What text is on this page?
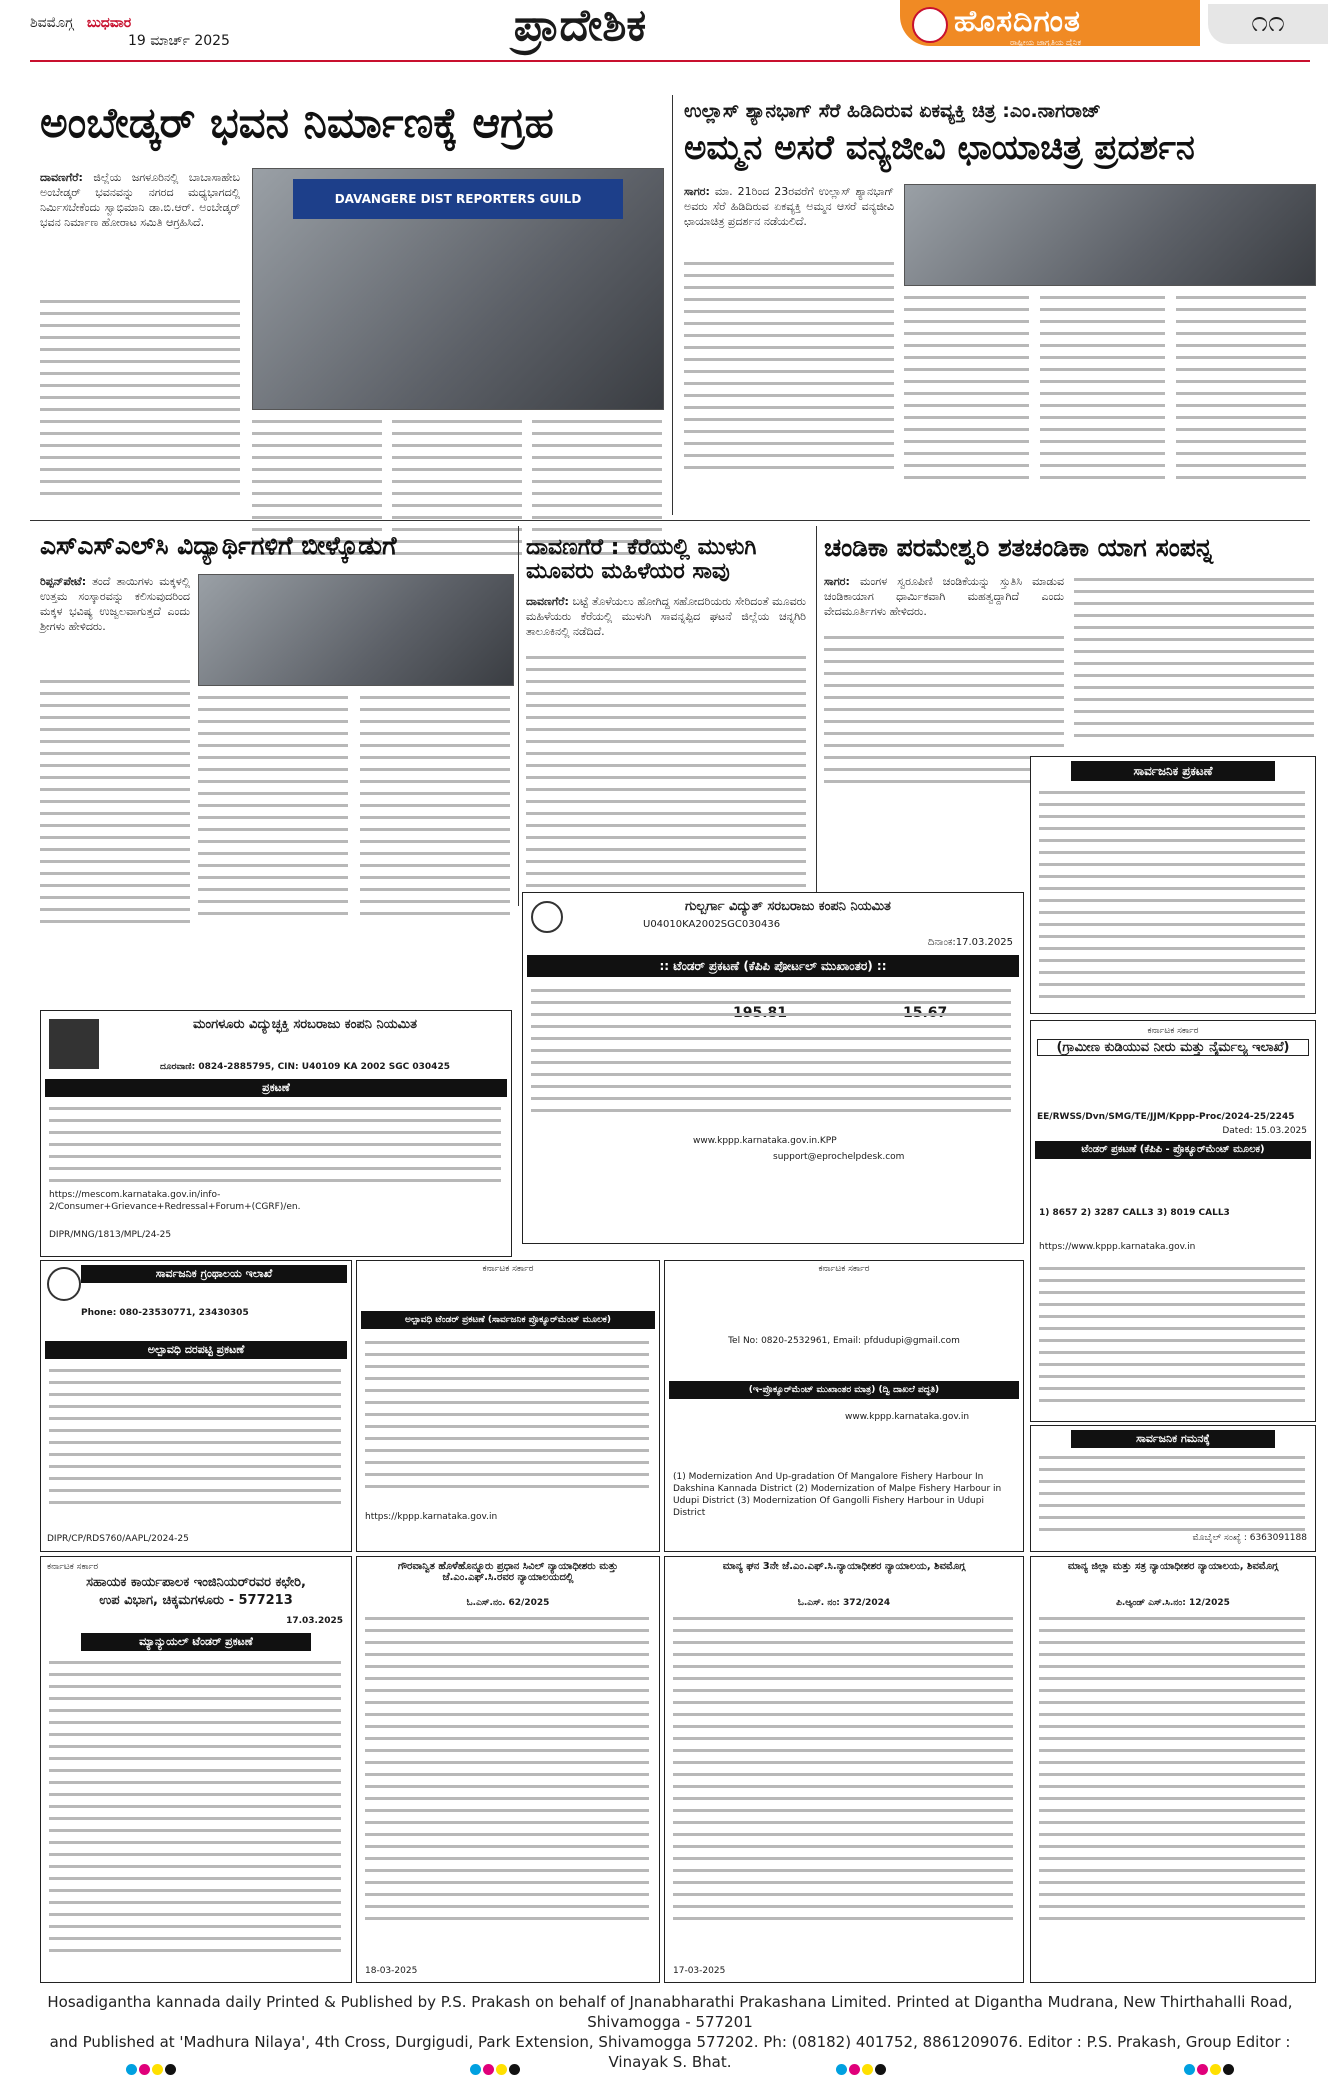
ಶಿವಮೊಗ್ಗ ಬುಧವಾರ
19 ಮಾರ್ಚ್ 2025	ಪ್ರಾದೇಶಿಕ	ಹೊಸದಿಗಂತ
ರಾಷ್ಟ್ರೀಯ ಜಾಗೃತಿಯ ದೈನಿಕ
೧೧
ಅಂಬೇಡ್ಕರ್ ಭವನ ನಿರ್ಮಾಣಕ್ಕೆ ಆಗ್ರಹ
ದಾವಣಗೆರೆ: ಜಿಲ್ಲೆಯ ಜಗಳೂರಿನಲ್ಲಿ ಬಾಬಾಸಾಹೇಬ ಅಂಬೇಡ್ಕರ್ ಭವನವನ್ನು ನಗರದ ಮಧ್ಯಭಾಗದಲ್ಲಿ ನಿರ್ಮಿಸಬೇಕೆಂದು ಸ್ವಾಭಿಮಾನಿ ಡಾ.ಬಿ.ಆರ್. ಅಂಬೇಡ್ಕರ್ ಭವನ ನಿರ್ಮಾಣ ಹೋರಾಟ ಸಮಿತಿ ಆಗ್ರಹಿಸಿದೆ.
DAVANGERE DIST REPORTERS GUILD
ಉಲ್ಲಾಸ್ ಶ್ಯಾನಭಾಗ್ ಸೆರೆ ಹಿಡಿದಿರುವ ಏಕವ್ಯಕ್ತಿ ಚಿತ್ರ :ಎಂ.ನಾಗರಾಜ್
ಅಮ್ಮನ ಅಸರೆ ವನ್ಯಜೀವಿ ಛಾಯಾಚಿತ್ರ ಪ್ರದರ್ಶನ
ಸಾಗರ: ಮಾ. 21ರಿಂದ 23ರವರೆಗೆ ಉಲ್ಲಾಸ್ ಶ್ಯಾನಭಾಗ್ ಅವರು ಸೆರೆ ಹಿಡಿದಿರುವ ಏಕವ್ಯಕ್ತಿ ಅಮ್ಮನ ಆಸರೆ ವನ್ಯಜೀವಿ ಛಾಯಾಚಿತ್ರ ಪ್ರದರ್ಶನ ನಡೆಯಲಿದೆ.
ಎಸ್‌ಎಸ್‌ಎಲ್‌ಸಿ ವಿದ್ಯಾರ್ಥಿಗಳಿಗೆ ಬೀಳ್ಕೊಡುಗೆ
ರಿಪ್ಪನ್‌ಪೇಟೆ: ತಂದೆ ತಾಯಿಗಳು ಮಕ್ಕಳಲ್ಲಿ ಉತ್ತಮ ಸಂಸ್ಕಾರವನ್ನು ಕಲಿಸುವುದರಿಂದ ಮಕ್ಕಳ ಭವಿಷ್ಯ ಉಜ್ವಲವಾಗುತ್ತದೆ ಎಂದು ಶ್ರೀಗಳು ಹೇಳಿದರು.
ದಾವಣಗೆರೆ : ಕೆರೆಯಲ್ಲಿ ಮುಳುಗಿ ಮೂವರು ಮಹಿಳೆಯರ ಸಾವು
ದಾವಣಗೆರೆ: ಬಟ್ಟೆ ತೊಳೆಯಲು ಹೋಗಿದ್ದ ಸಹೋದರಿಯರು ಸೇರಿದಂತೆ ಮೂವರು ಮಹಿಳೆಯರು ಕೆರೆಯಲ್ಲಿ ಮುಳುಗಿ ಸಾವನ್ನಪ್ಪಿದ ಘಟನೆ ಜಿಲ್ಲೆಯ ಚನ್ನಗಿರಿ ತಾಲೂಕಿನಲ್ಲಿ ನಡೆದಿದೆ.
ಚಂಡಿಕಾ ಪರಮೇಶ್ವರಿ ಶತಚಂಡಿಕಾ ಯಾಗ ಸಂಪನ್ನ
ಸಾಗರ: ಮಂಗಳ ಸ್ವರೂಪಿಣಿ ಚಂಡಿಕೆಯನ್ನು ಸ್ತುತಿಸಿ ಮಾಡುವ ಚಂಡಿಕಾಯಾಗ ಧಾರ್ಮಿಕವಾಗಿ ಮಹತ್ವದ್ದಾಗಿದೆ ಎಂದು ವೇದಮೂರ್ತಿಗಳು ಹೇಳಿದರು.
ಸಾರ್ವಜನಿಕ ಪ್ರಕಟಣೆ
ಗುಲ್ಬರ್ಗಾ ವಿದ್ಯುತ್ ಸರಬರಾಜು ಕಂಪನಿ ನಿಯಮಿತ
U04010KA2002SGC030436
ದಿನಾಂಕ:17.03.2025
:: ಟೆಂಡರ್ ಪ್ರಕಟಣೆ (ಕೆಪಿಪಿ ಪೋರ್ಟಲ್ ಮುಖಾಂತರ) ::
www.kppp.karnataka.gov.in.KPP
support@eprochelpdesk.com
ಕರ್ನಾಟಕ ಸರ್ಕಾರ
(ಗ್ರಾಮೀಣ ಕುಡಿಯುವ ನೀರು ಮತ್ತು ನೈರ್ಮಲ್ಯ ಇಲಾಖೆ)
EE/RWSS/Dvn/SMG/TE/JJM/Kppp-Proc/2024-25/2245
Dated: 15.03.2025
ಟೆಂಡರ್ ಪ್ರಕಟಣೆ (ಕೆಪಿಪಿ - ಪ್ರೊಕ್ಯೂರ್‌ಮೆಂಟ್ ಮೂಲಕ)
1) 8657 2) 3287 CALL3 3) 8019 CALL3
https://www.kppp.karnataka.gov.in
ಮಂಗಳೂರು ವಿದ್ಯುಚ್ಛಕ್ತಿ ಸರಬರಾಜು ಕಂಪನಿ ನಿಯಮಿತ
ದೂರವಾಣಿ: 0824-2885795, CIN: U40109 KA 2002 SGC 030425
ಪ್ರಕಟಣೆ
https://mescom.karnataka.gov.in/info-2/Consumer+Grievance+Redressal+Forum+(CGRF)/en.
DIPR/MNG/1813/MPL/24-25
ಸಾರ್ವಜನಿಕ ಗ್ರಂಥಾಲಯ ಇಲಾಖೆ
Phone: 080-23530771, 23430305
ಅಲ್ಪಾವಧಿ ದರಪಟ್ಟಿ ಪ್ರಕಟಣೆ
DIPR/CP/RDS760/AAPL/2024-25
ಕರ್ನಾಟಕ ಸರ್ಕಾರ
ಅಲ್ಪಾವಧಿ ಟೆಂಡರ್ ಪ್ರಕಟಣೆ (ಸಾರ್ವಜನಿಕ ಪ್ರೊಕ್ಯೂರ್‌ಮೆಂಟ್ ಮೂಲಕ)
https://kppp.karnataka.gov.in
ಕರ್ನಾಟಕ ಸರ್ಕಾರ
Tel No: 0820-2532961, Email: pfdudupi@gmail.com
(ಇ-ಪ್ರೊಕ್ಯೂರ್‌ಮೆಂಟ್ ಮುಖಾಂತರ ಮಾತ್ರ) (ದ್ವಿ ದಾಖಲೆ ಪದ್ಧತಿ)
www.kppp.karnataka.gov.in
(1) Modernization And Up-gradation Of Mangalore Fishery Harbour In Dakshina Kannada District (2) Modernization of Malpe Fishery Harbour in Udupi District (3) Modernization Of Gangolli Fishery Harbour in Udupi District
ಸಾರ್ವಜನಿಕ ಗಮನಕ್ಕೆ
ಮೊಬೈಲ್ ಸಂಖ್ಯೆ : 6363091188
ಕರ್ನಾಟಕ ಸರ್ಕಾರ
ಸಹಾಯಕ ಕಾರ್ಯಪಾಲಕ ಇಂಜಿನಿಯರ್‌ರವರ ಕಛೇರಿ,
ಉಪ ವಿಭಾಗ, ಚಿಕ್ಕಮಗಳೂರು - 577213
17.03.2025
ಮ್ಯಾನ್ಯುಯಲ್ ಟೆಂಡರ್ ಪ್ರಕಟಣೆ
ಗೌರವಾನ್ವಿತ ಹೊಳೆಹೊನ್ನೂರು ಪ್ರಧಾನ ಸಿವಿಲ್ ನ್ಯಾಯಾಧೀಶರು ಮತ್ತು ಜೆ.ಎಂ.ಎಫ್.ಸಿ.ರವರ ನ್ಯಾಯಾಲಯದಲ್ಲಿ
ಓ.ಎಸ್.ನಂ. 62/2025
18-03-2025
ಮಾನ್ಯ ಘನ 3ನೇ ಜೆ.ಎಂ.ಎಫ್.ಸಿ.ನ್ಯಾಯಾಧೀಶರ ನ್ಯಾಯಾಲಯ, ಶಿವಮೊಗ್ಗ
ಓ.ಎಸ್. ನಂ: 372/2024
17-03-2025
ಮಾನ್ಯ ಜಿಲ್ಲಾ ಮತ್ತು ಸತ್ರ ನ್ಯಾಯಾಧೀಶರ ನ್ಯಾಯಾಲಯ, ಶಿವಮೊಗ್ಗ
ಪಿ.ಆ್ಯಂಡ್ ಎಸ್.ಸಿ.ನಂ: 12/2025
Hosadigantha kannada daily Printed & Published by P.S. Prakash on behalf of Jnanabharathi Prakashana Limited. Printed at Digantha Mudrana, New Thirthahalli Road, Shivamogga - 577201
and Published at 'Madhura Nilaya', 4th Cross, Durgigudi, Park Extension, Shivamogga 577202. Ph: (08182) 401752, 8861209076. Editor : P.S. Prakash, Group Editor : Vinayak S. Bhat.
